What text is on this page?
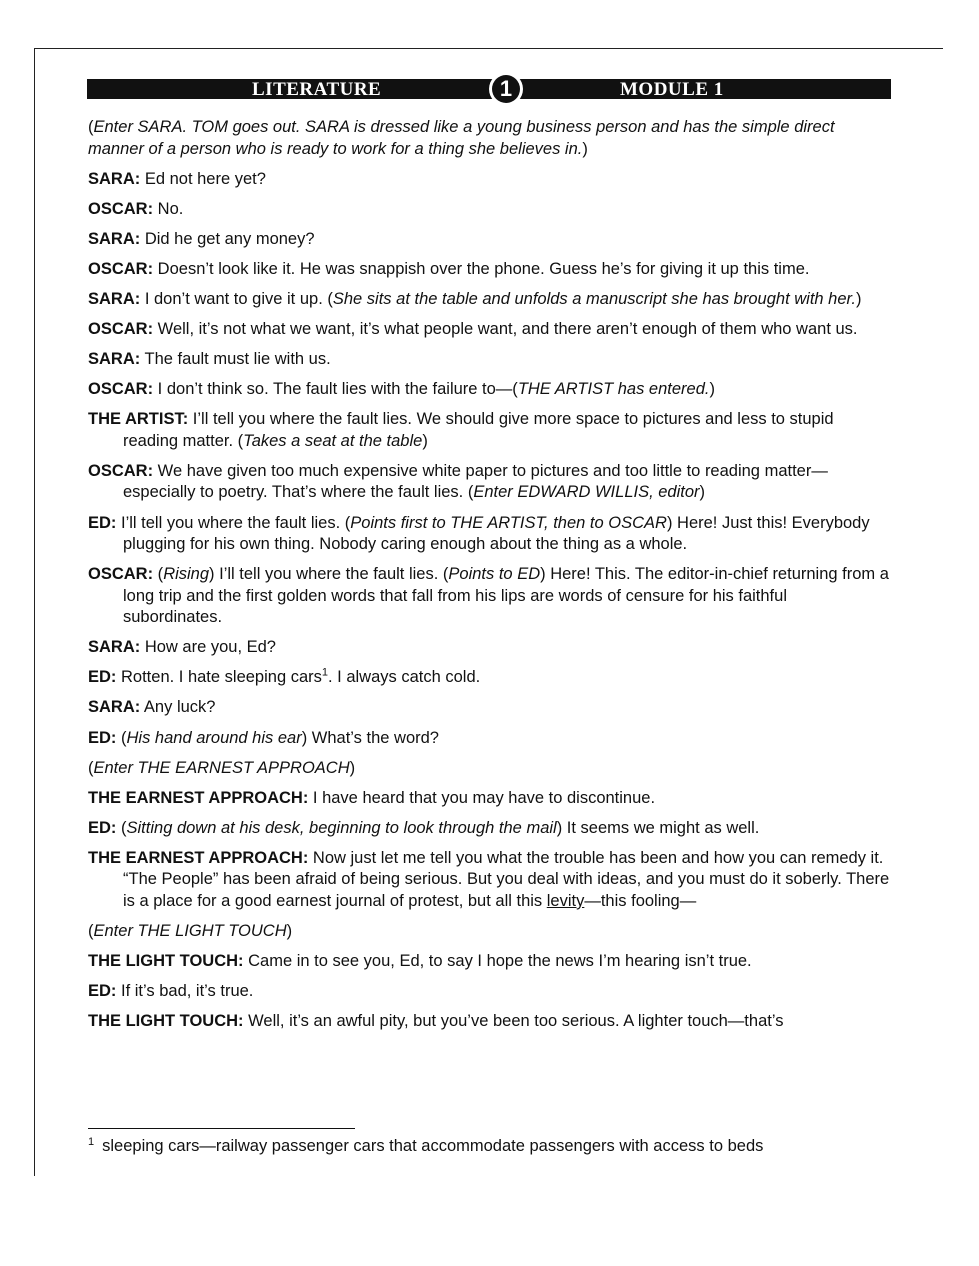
LITERATURE	1	MODULE 1

(Enter SARA. TOM goes out. SARA is dressed like a young business person and has the simple direct manner of a person who is ready to work for a thing she believes in.)

SARA: Ed not here yet?

OSCAR: No.

SARA: Did he get any money?

OSCAR: Doesn’t look like it. He was snappish over the phone. Guess he’s for giving it up this time.

SARA: I don’t want to give it up. (She sits at the table and unfolds a manuscript she has brought with her.)

OSCAR: Well, it’s not what we want, it’s what people want, and there aren’t enough of them who want us.

SARA: The fault must lie with us.

OSCAR: I don’t think so. The fault lies with the failure to—(THE ARTIST has entered.)

THE ARTIST: I’ll tell you where the fault lies. We should give more space to pictures and less to stupid reading matter. (Takes a seat at the table)

OSCAR: We have given too much expensive white paper to pictures and too little to reading matter—especially to poetry. That’s where the fault lies. (Enter EDWARD WILLIS, editor)

ED: I’ll tell you where the fault lies. (Points first to THE ARTIST, then to OSCAR) Here! Just this! Everybody plugging for his own thing. Nobody caring enough about the thing as a whole.

OSCAR: (Rising) I’ll tell you where the fault lies. (Points to ED) Here! This. The editor-in-chief returning from a long trip and the first golden words that fall from his lips are words of censure for his faithful subordinates.

SARA: How are you, Ed?

ED: Rotten. I hate sleeping cars$^1$. I always catch cold.

SARA: Any luck?

ED: (His hand around his ear) What’s the word?

(Enter THE EARNEST APPROACH)

THE EARNEST APPROACH: I have heard that you may have to discontinue.

ED: (Sitting down at his desk, beginning to look through the mail) It seems we might as well.

THE EARNEST APPROACH: Now just let me tell you what the trouble has been and how you can remedy it. “The People” has been afraid of being serious. But you deal with ideas, and you must do it soberly. There is a place for a good earnest journal of protest, but all this levity—this fooling—

(Enter THE LIGHT TOUCH)

THE LIGHT TOUCH: Came in to see you, Ed, to say I hope the news I’m hearing isn’t true.

ED: If it’s bad, it’s true.

THE LIGHT TOUCH: Well, it’s an awful pity, but you’ve been too serious. A lighter touch—that’s

$^1$ sleeping cars—railway passenger cars that accommodate passengers with access to beds
